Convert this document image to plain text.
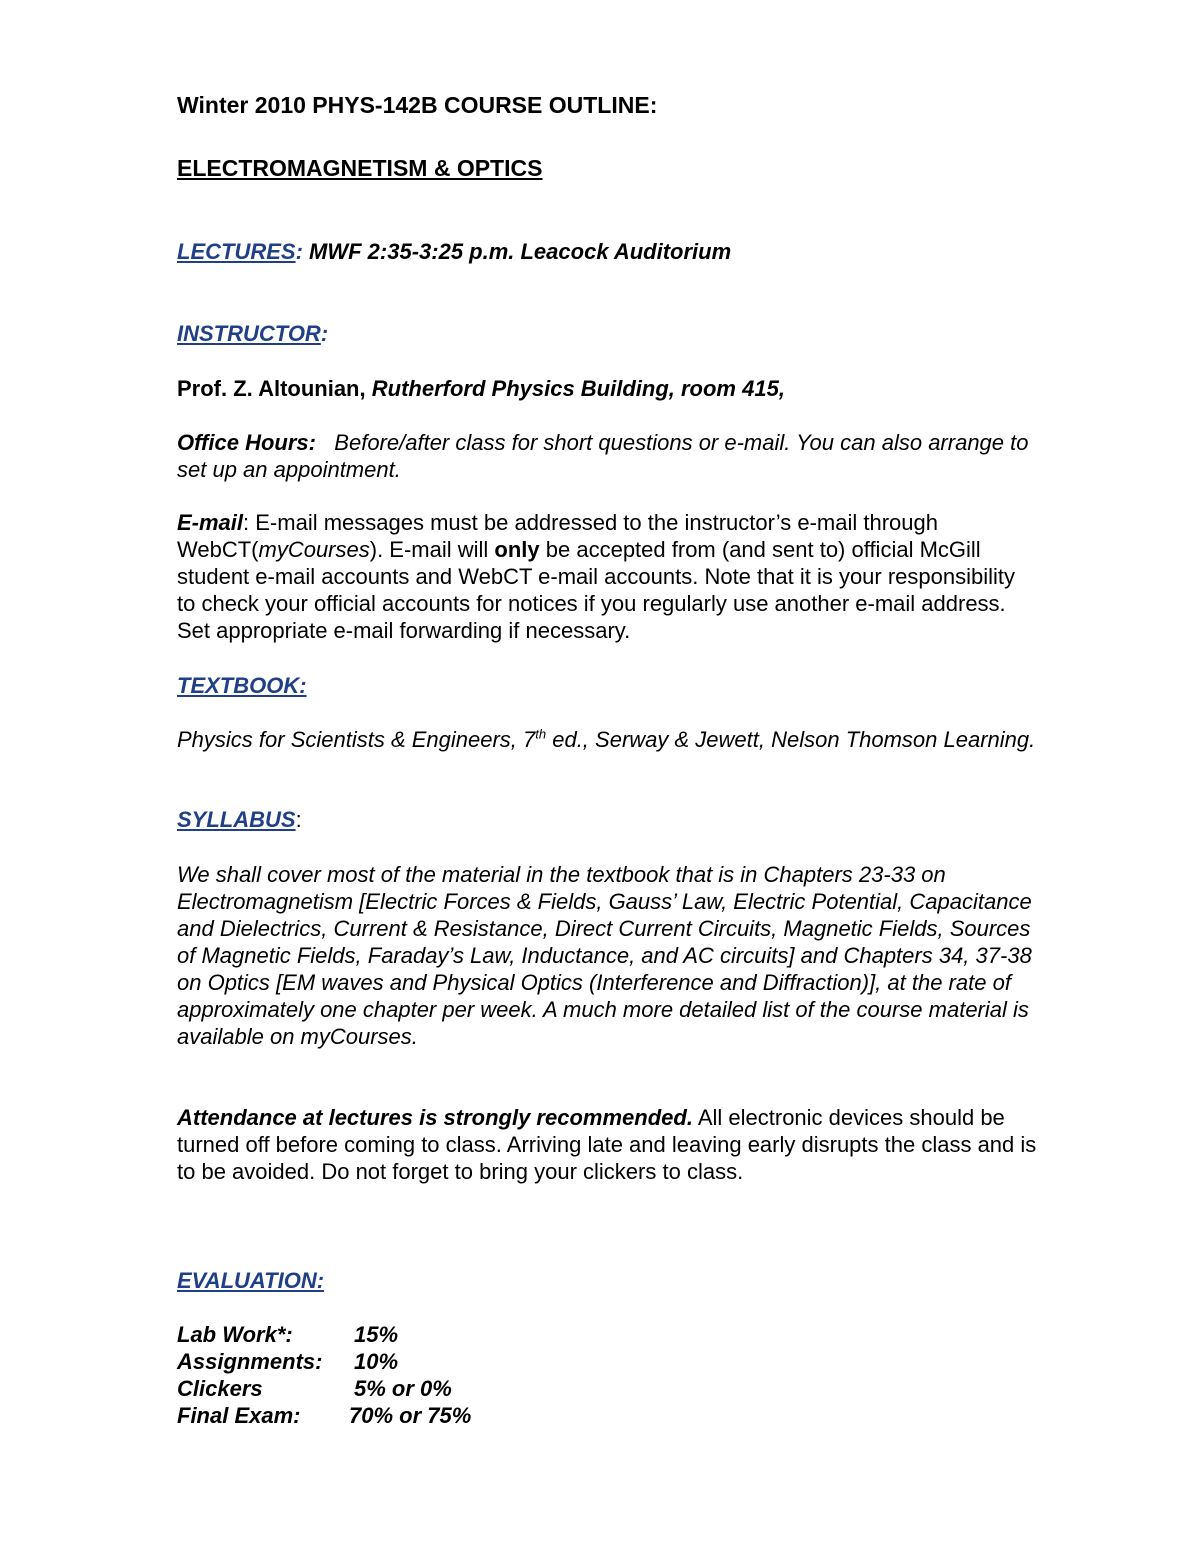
Winter 2010 PHYS-142B COURSE OUTLINE:
ELECTROMAGNETISM & OPTICS
LECTURES: MWF 2:35-3:25 p.m. Leacock Auditorium
INSTRUCTOR:
Prof. Z. Altounian, Rutherford Physics Building, room 415,
Office Hours: Before/after class for short questions or e-mail. You can also arrange to set up an appointment.
E-mail: E-mail messages must be addressed to the instructor’s e-mail through WebCT(myCourses). E-mail will only be accepted from (and sent to) official McGill student e-mail accounts and WebCT e-mail accounts. Note that it is your responsibility to check your official accounts for notices if you regularly use another e-mail address. Set appropriate e-mail forwarding if necessary.
TEXTBOOK:
Physics for Scientists & Engineers, 7th ed., Serway & Jewett, Nelson Thomson Learning.
SYLLABUS:
We shall cover most of the material in the textbook that is in Chapters 23-33 on Electromagnetism [Electric Forces & Fields, Gauss’ Law, Electric Potential, Capacitance and Dielectrics, Current & Resistance, Direct Current Circuits, Magnetic Fields, Sources of Magnetic Fields, Faraday’s Law, Inductance, and AC circuits] and Chapters 34, 37-38 on Optics [EM waves and Physical Optics (Interference and Diffraction)], at the rate of approximately one chapter per week. A much more detailed list of the course material is available on myCourses.
Attendance at lectures is strongly recommended. All electronic devices should be turned off before coming to class. Arriving late and leaving early disrupts the class and is to be avoided. Do not forget to bring your clickers to class.
EVALUATION:
Lab Work*:	15%
Assignments: 10%
Clickers	5% or 0%
Final Exam: 70% or 75%
